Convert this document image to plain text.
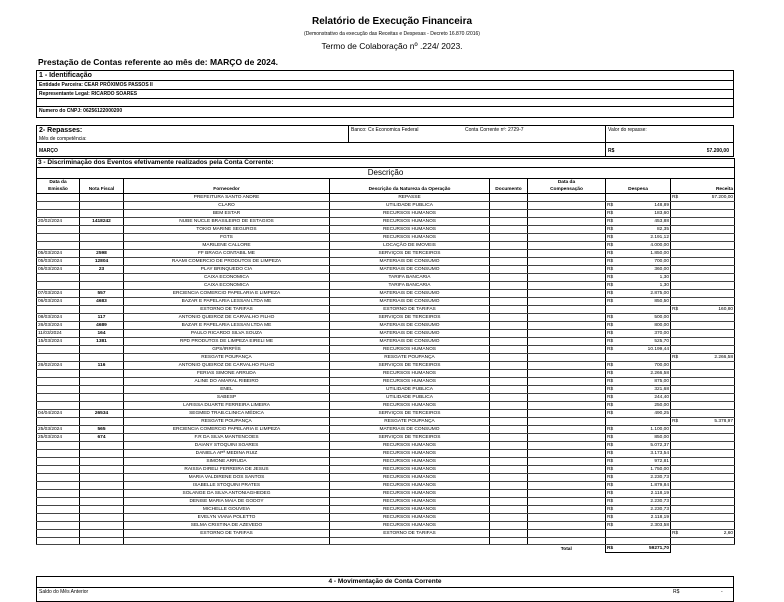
Relatório de Execução Financeira
(Demonstrativo da execução das Receitas e Despesas - Decreto 16.870 /2016)
Termo de Colaboração nº .224/ 2023.
Prestação de Contas referente ao mês de: MARÇO de 2024.
1 - Identificação
Entidade Parceira: CEAR PRÓXIMOS PASSOS II
Representante Legal: RICARDO SOARES
Numero do CNPJ: 06256122000200
2- Repasses:
Mês de competência:
Banco: Cx Economica Federal	Conta Corrente nº: 2729-7	Valor do repasse:
MARÇO	R$	57.200,00
3 - Discriminação dos Eventos efetivamente realizados pela Conta Corrente:							
Descrição							
Data da					Data da		
Emissão	Nota Fiscal	Fornecedor	Descrição da Natureza da Operação	Documento	Compensação	Despesa	Receita
		PREFEITURA SANTO ANDRE	REPASSE				R$ 57.200,00

		CLARO	UTILIDADE PUBLICA			R$ 148,89	

		BEM ESTAR	RECURSOS HUMANOS			R$ 183,60	

20/02/2024	1418242	NUBE NUCLE BRASILEIRO DE ESTAGIOS	RECURSOS HUMANOS			R$ 453,88	

		TOKIO MARINE SEGUROS	RECURSOS HUMANOS			R$ 82,35	

		FGTS	RECURSOS HUMANOS			R$ 2.191,12	

		MARILENE CALLORE	LOCAÇÃO DE IMOVEIS			R$ 4.000,00	

05/03/2024	2598	FF BRAGA CONTABIL ME	SERVIÇOS DE TERCEIROS			R$ 1.850,00	

05/03/2024	12804	RAAMI COMERCIO DE PRODUTOS DE LIMPEZA	MATERIAIS DE CONSUMO			R$ 700,00	

05/03/2024	23	PLAY BRINQUEDO CIA	MATERIAIS DE CONSUMO			R$ 360,00	

		CAIXA ECONOMICA	TARIFA BANCARIA			R$ 1,30	

		CAIXA ECONOMICA	TARIFA BANCARIA			R$ 1,30	

07/03/2024	557	ERCIENCIA COMERCIO PAPELARIA E LIMPEZA	MATERIAIS DE CONSUMO			R$ 2.875,00	

06/03/2024	4683	BAZAR E PAPELARIA LESSAN LTDA ME	MATERIAIS DE CONSUMO			R$ 850,50	

		ESTORNO DE TARIFAS	ESTORNO DE TARIFAS				R$ 160,80

08/03/2024	117	ANTONIO QUEIROZ DE CARVALHO FILHO	SERVIÇOS DE TERCEIROS			R$ 500,00	

26/03/2024	4689	BAZAR E PAPELARIA LESSAN LTDA ME	MATERIAIS DE CONSUMO			R$ 800,00	

11/03/2024	164	PAULO RICARDO SILVA SOUZA	MATERIAIS DE CONSUMO			R$ 370,00	

15/03/2024	1381	RPD PRODUTOS DE LIMPEZA EIRELI ME	MATERIAIS DE CONSUMO			R$ 525,70	

		GPS/IRRF/IS	RECURSOS HUMANOS			R$ 10.199,44	

		RESGATE POUPANÇA	RESGATE POUPANÇA				R$ 2.266,58

26/02/2024	116	ANTONIO QUEIROZ DE CARVALHO FILHO	SERVIÇOS DE TERCEIROS			R$ 700,00	

		FERIAS SIMONE ARRUDA	RECURSOS HUMANOS			R$ 2.266,58	

		ALINE DO AMARAL RIBEIRO	RECURSOS HUMANOS			R$ 875,00	

		ENEL	UTILIDADE PUBLICA			R$ 321,68	

		SABESP	UTILIDADE PUBLICA			R$ 244,40	

		LARISSA DUARTE FERREIRA LIMEIRA	RECURSOS HUMANOS			R$ 250,00	

04/04/2024	26534	SEGMED TRAB.CLINICA MÉDICA	SERVIÇOS DE TERCEIROS			R$ 490,25	

		RESGATE POUPANÇA	RESGATE POUPANÇA				R$ 5.378,97

25/03/2024	565	ERCIENCIA COMERCIO PAPELARIA E LIMPEZA	MATERIAIS DE CONSUMO			R$ 1.100,00	

25/03/2024	674	F.R DA SILVA MANTENCOES	SERVIÇOS DE TERCEIROS			R$ 850,00	

		DAIANY STOQUINI SOARES	RECURSOS HUMANOS			R$ 5.072,37	

		DANIELA APª MEDINA RUIZ	RECURSOS HUMANOS			R$ 3.173,54	

		SIMONE ARRUDA	RECURSOS HUMANOS			R$ 972,81	

		RAISSA DIRELI FERREIRA DE JESUS	RECURSOS HUMANOS			R$ 1.750,00	

		MARIA VALDIRENE DOS SANTOS	RECURSOS HUMANOS			R$ 2.230,73	

		ISABELLE STOQUINI PRATES	RECURSOS HUMANOS			R$ 1.879,84	

		SOLANGE DA SILVA ANTONIAGHEDEG	RECURSOS HUMANOS			R$ 2.118,19	

		DENISE MARIA MAIA DE GODOY	RECURSOS HUMANOS			R$ 2.230,73	

		MICHELLE GOUVEIA	RECURSOS HUMANOS			R$ 2.230,73	

		EVELYN VIANA POLETTO	RECURSOS HUMANOS			R$ 2.118,19	

		SELMA CRISTINA DE AZEVEDO	RECURSOS HUMANOS			R$ 2.303,58	

		ESTORNO DE TARIFAS	ESTORNO DE TARIFAS				R$ 2,60

					Total	R$ 59271,70	

4 - Movimentação de Conta Corrente
Saldo do Mês Anterior	R$	-
